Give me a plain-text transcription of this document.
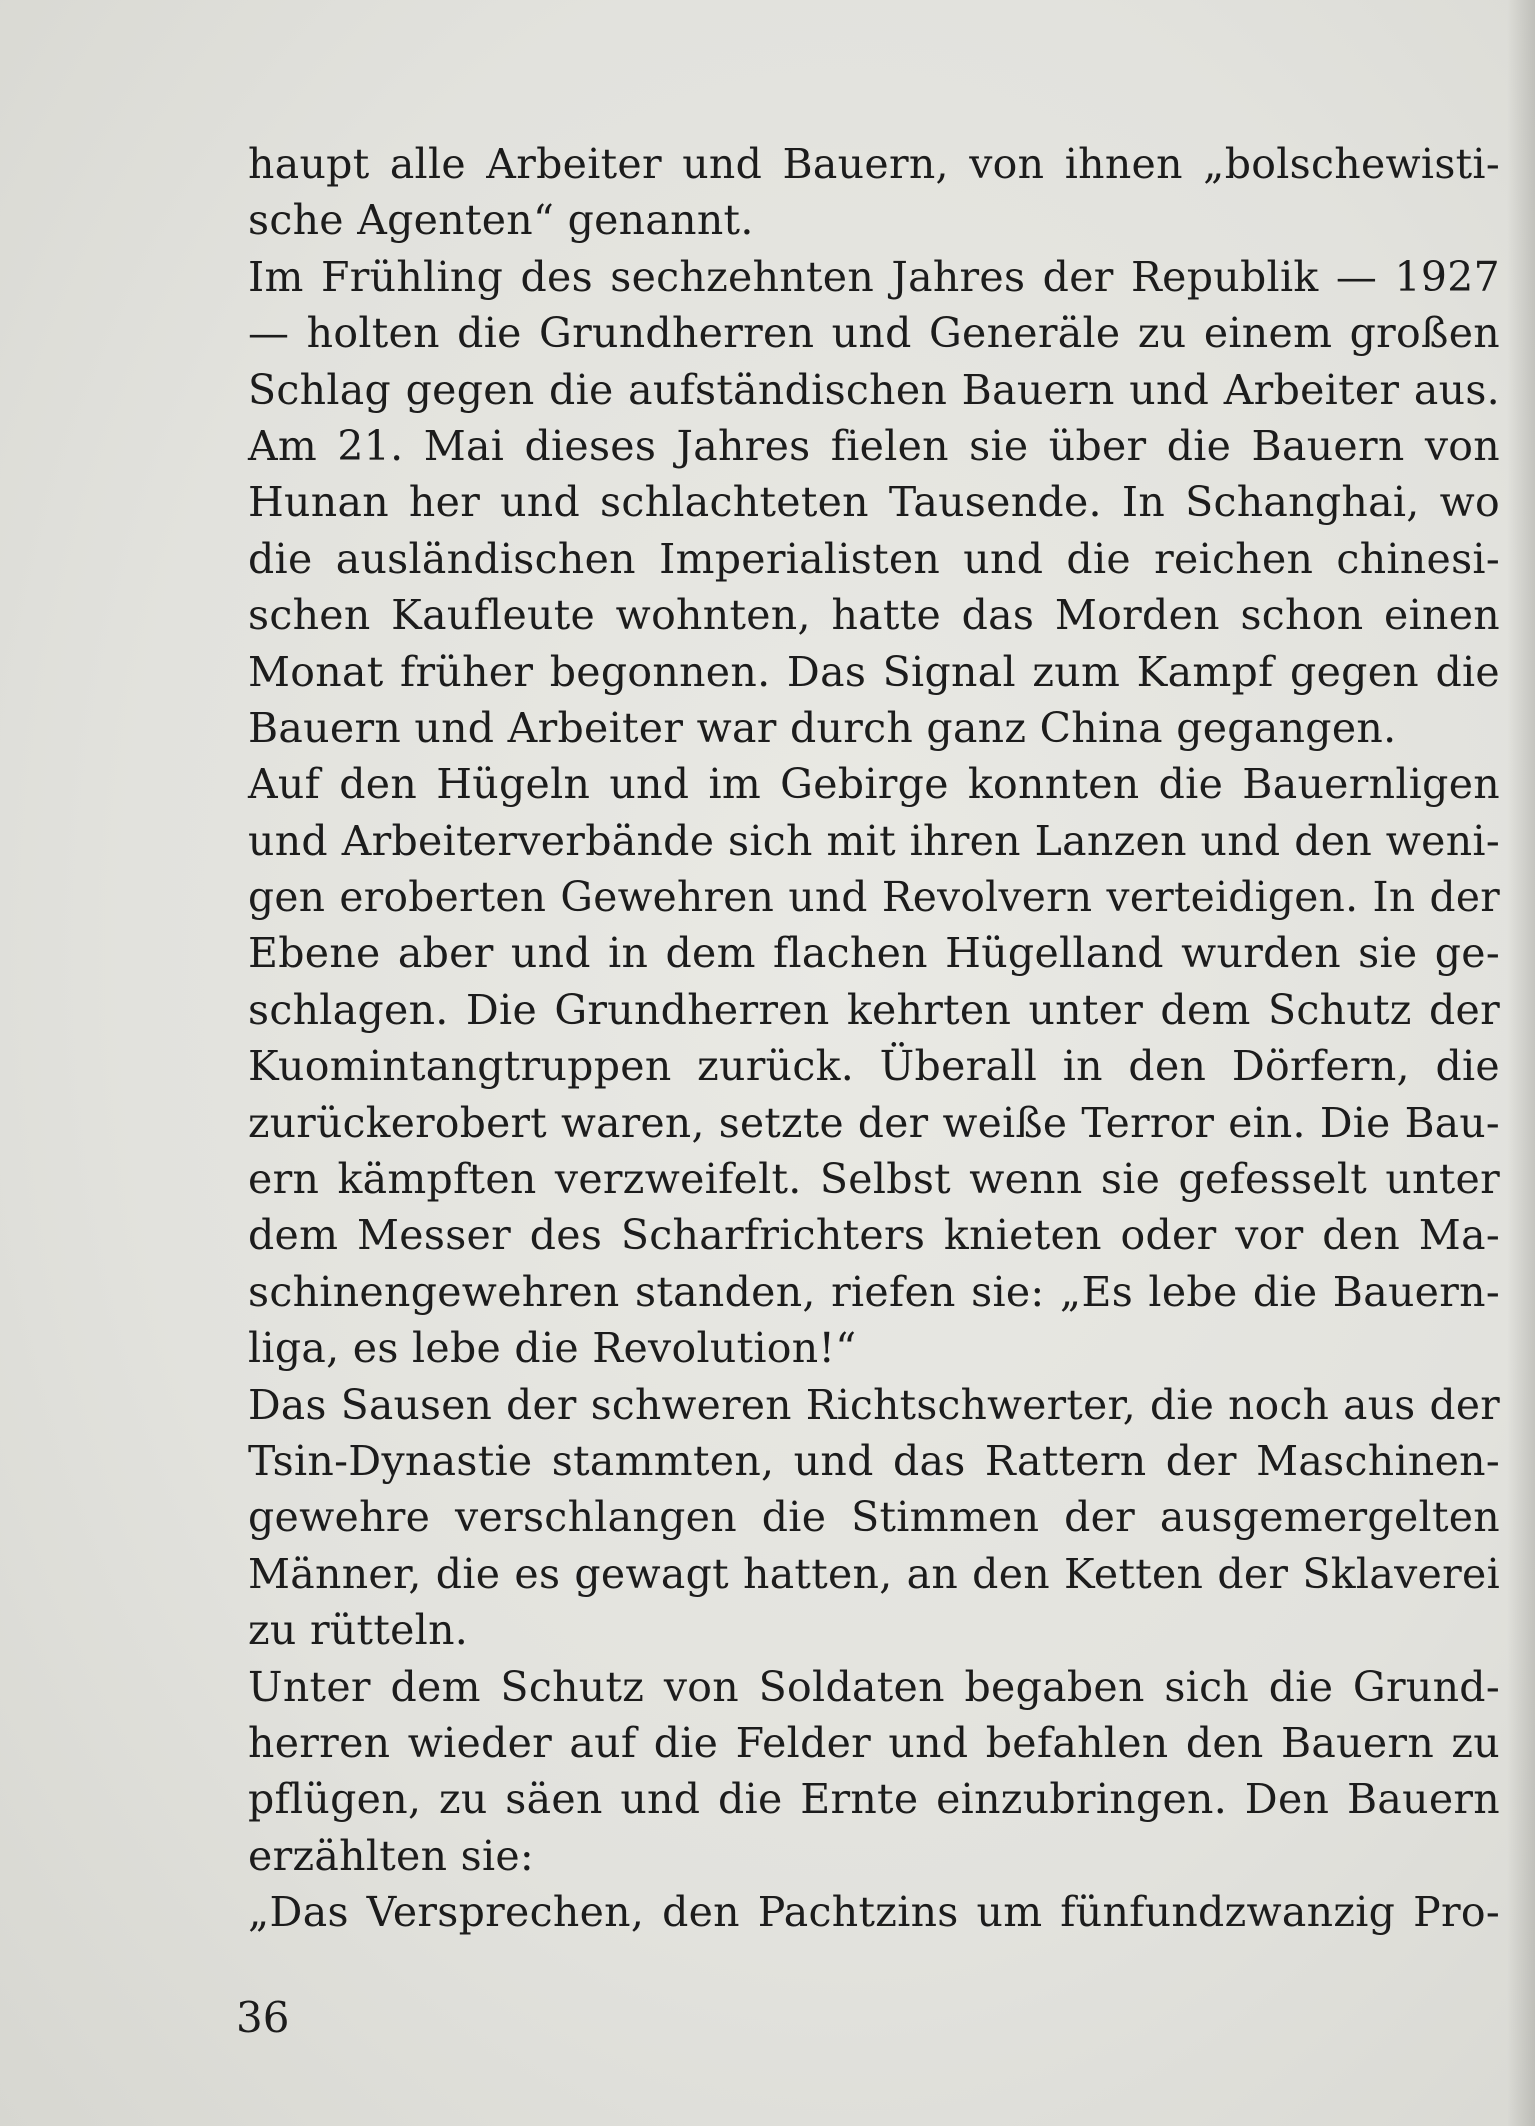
haupt alle Arbeiter und Bauern, von ihnen „bolschewisti-
sche Agenten“ genannt.
Im Frühling des sechzehnten Jahres der Republik — 1927
— holten die Grundherren und Generäle zu einem großen
Schlag gegen die aufständischen Bauern und Arbeiter aus.
Am 21. Mai dieses Jahres fielen sie über die Bauern von
Hunan her und schlachteten Tausende. In Schanghai, wo
die ausländischen Imperialisten und die reichen chinesi-
schen Kaufleute wohnten, hatte das Morden schon einen
Monat früher begonnen. Das Signal zum Kampf gegen die
Bauern und Arbeiter war durch ganz China gegangen.
Auf den Hügeln und im Gebirge konnten die Bauernligen
und Arbeiterverbände sich mit ihren Lanzen und den weni-
gen eroberten Gewehren und Revolvern verteidigen. In der
Ebene aber und in dem flachen Hügelland wurden sie ge-
schlagen. Die Grundherren kehrten unter dem Schutz der
Kuomintangtruppen zurück. Überall in den Dörfern, die
zurückerobert waren, setzte der weiße Terror ein. Die Bau-
ern kämpften verzweifelt. Selbst wenn sie gefesselt unter
dem Messer des Scharfrichters knieten oder vor den Ma-
schinengewehren standen, riefen sie: „Es lebe die Bauern-
liga, es lebe die Revolution!“
Das Sausen der schweren Richtschwerter, die noch aus der
Tsin-Dynastie stammten, und das Rattern der Maschinen-
gewehre verschlangen die Stimmen der ausgemergelten
Männer, die es gewagt hatten, an den Ketten der Sklaverei
zu rütteln.
Unter dem Schutz von Soldaten begaben sich die Grund-
herren wieder auf die Felder und befahlen den Bauern zu
pflügen, zu säen und die Ernte einzubringen. Den Bauern
erzählten sie:
„Das Versprechen, den Pachtzins um fünfundzwanzig Pro-
36
